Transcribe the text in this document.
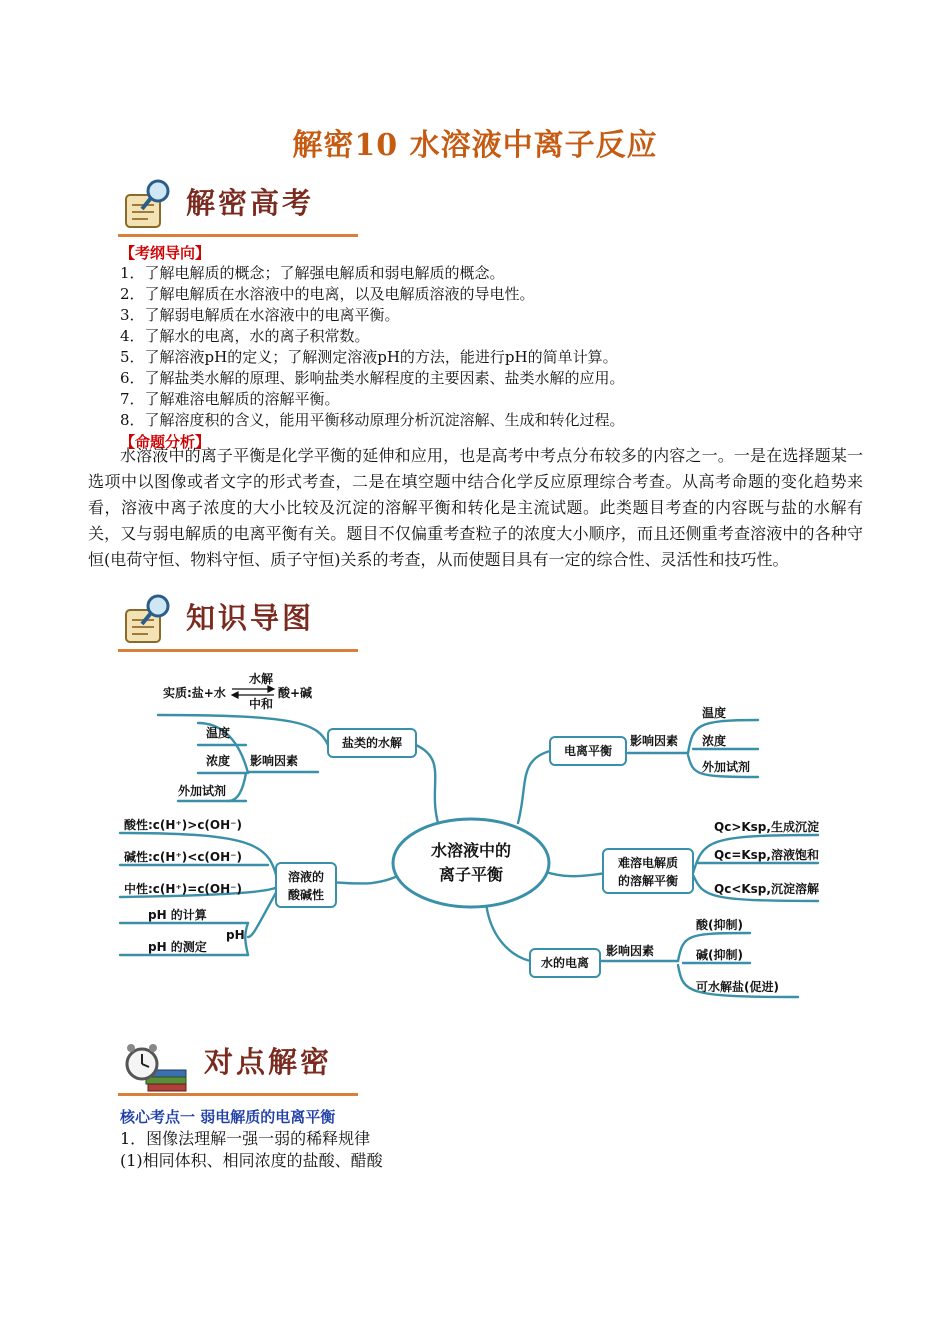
解密10 水溶液中离子反应
解密高考
【考纲导向】
1．了解电解质的概念；了解强电解质和弱电解质的概念。
2．了解电解质在水溶液中的电离，以及电解质溶液的导电性。
3．了解弱电解质在水溶液中的电离平衡。
4．了解水的电离，水的离子积常数。
5．了解溶液pH的定义；了解测定溶液pH的方法，能进行pH的简单计算。
6．了解盐类水解的原理、影响盐类水解程度的主要因素、盐类水解的应用。
7．了解难溶电解质的溶解平衡。
8．了解溶度积的含义，能用平衡移动原理分析沉淀溶解、生成和转化过程。
【命题分析】
水溶液中的离子平衡是化学平衡的延伸和应用，也是高考中考点分布较多的内容之一。一是在选择题某一选项中以图像或者文字的形式考查，二是在填空题中结合化学反应原理综合考查。从高考命题的变化趋势来看，溶液中离子浓度的大小比较及沉淀的溶解平衡和转化是主流试题。此类题目考查的内容既与盐的水解有关，又与弱电解质的电离平衡有关。题目不仅偏重考查粒子的浓度大小顺序，而且还侧重考查溶液中的各种守恒(电荷守恒、物料守恒、质子守恒)关系的考查，从而使题目具有一定的综合性、灵活性和技巧性。
知识导图
水溶液中的
离子平衡
盐类的水解
实质:盐+水
水解
中和
酸+碱
影响因素
温度
浓度
外加试剂
电离平衡
影响因素
温度
浓度
外加试剂
溶液的
酸碱性
酸性:c(H⁺)>c(OH⁻)
碱性:c(H⁺)<c(OH⁻)
中性:c(H⁺)=c(OH⁻)
pH
pH 的计算
pH 的测定
难溶电解质
的溶解平衡
Qc>Ksp,生成沉淀
Qc=Ksp,溶液饱和
Qc<Ksp,沉淀溶解
水的电离
影响因素
酸(抑制)
碱(抑制)
可水解盐(促进)
对点解密
核心考点一 弱电解质的电离平衡
1．图像法理解一强一弱的稀释规律
(1)相同体积、相同浓度的盐酸、醋酸
